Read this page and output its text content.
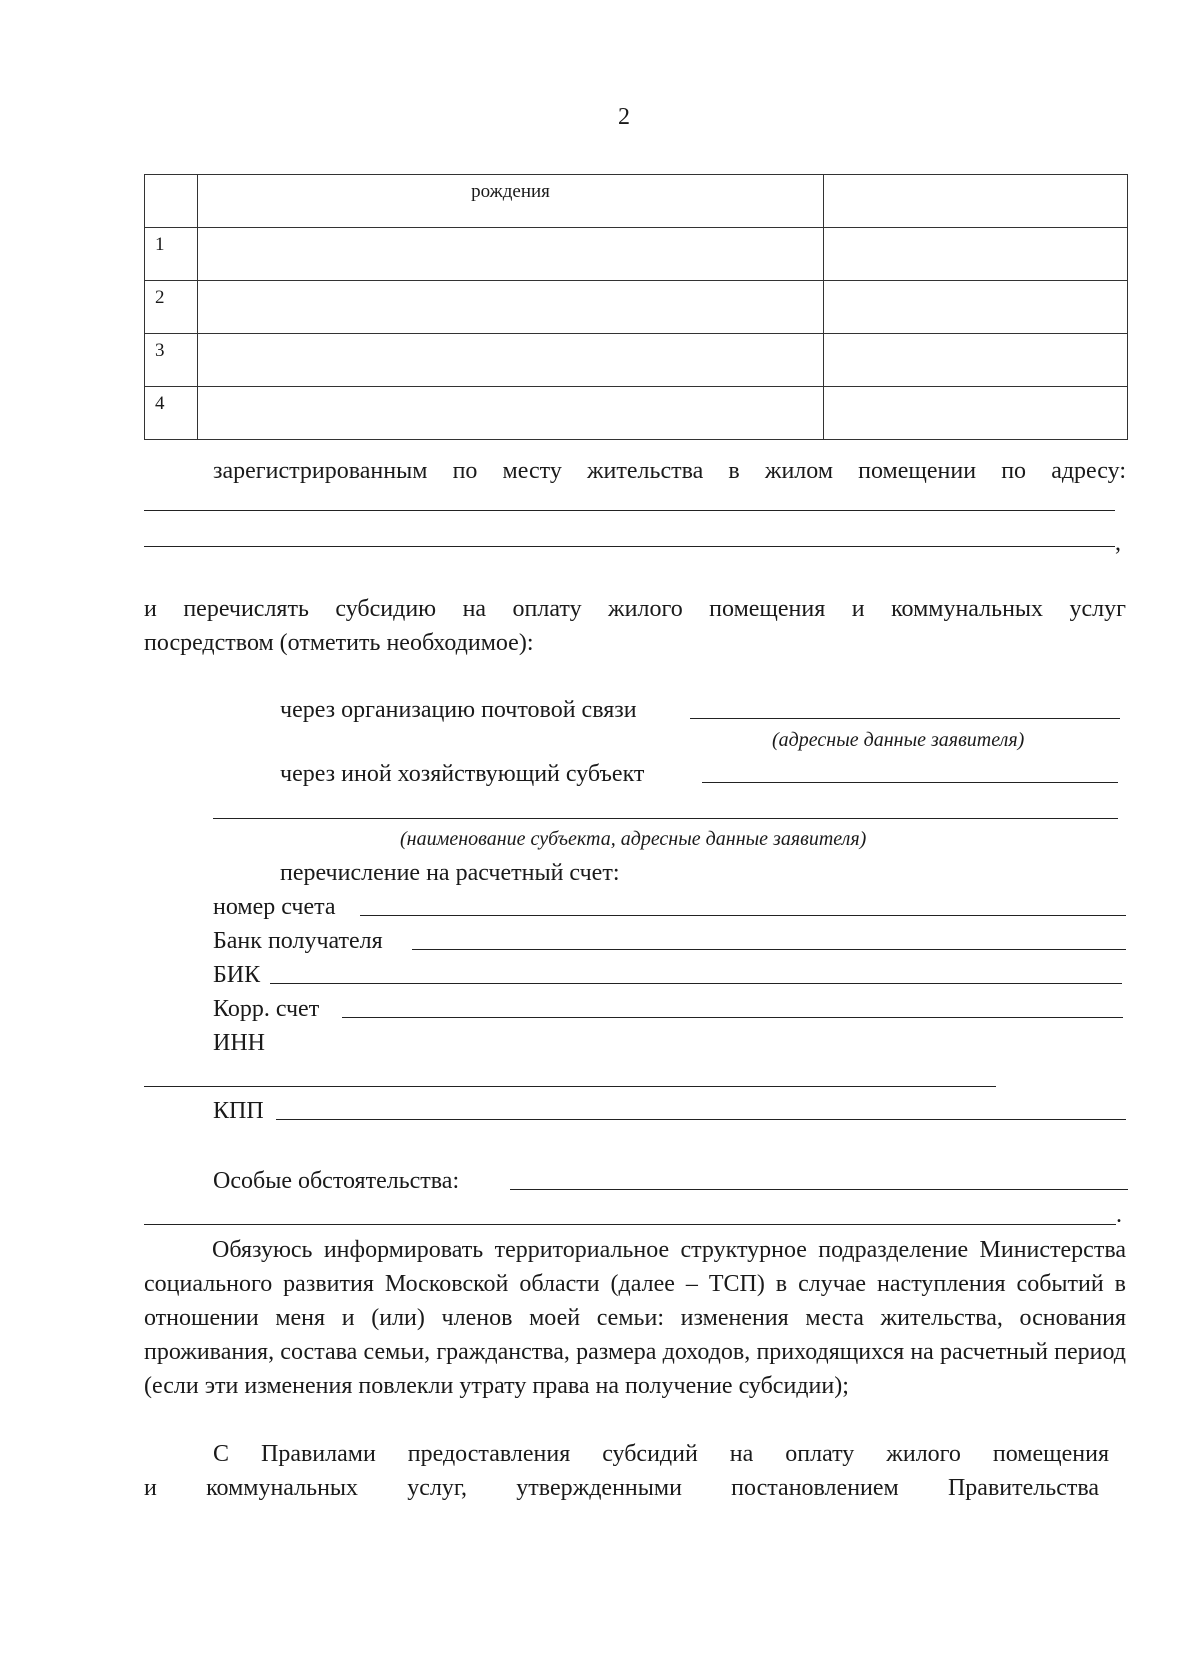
2
	рождения	
1		
2		
3		
4		
зарегистрированным по месту жительства в жилом помещении по адресу:
,
и перечислять субсидию на оплату жилого помещения и коммунальных услуг
посредством (отметить необходимое):
через организацию почтовой связи
(адресные данные заявителя)
через иной хозяйствующий субъект
(наименование субъекта, адресные данные заявителя)
перечисление на расчетный счет:
номер счета
Банк получателя
БИК
Корр. счет
ИНН
КПП
Особые обстоятельства:
.
Обязуюсь информировать территориальное структурное подразделение Министерства социального развития Московской области (далее – ТСП) в случае наступления событий в отношении меня и (или) членов моей семьи: изменения места жительства, основания проживания, состава семьи, гражданства, размера доходов, приходящихся на расчетный период (если эти изменения повлекли утрату права на получение субсидии);
С Правилами предоставления субсидий на оплату жилого помещения
и коммунальных услуг, утвержденными постановлением Правительства
